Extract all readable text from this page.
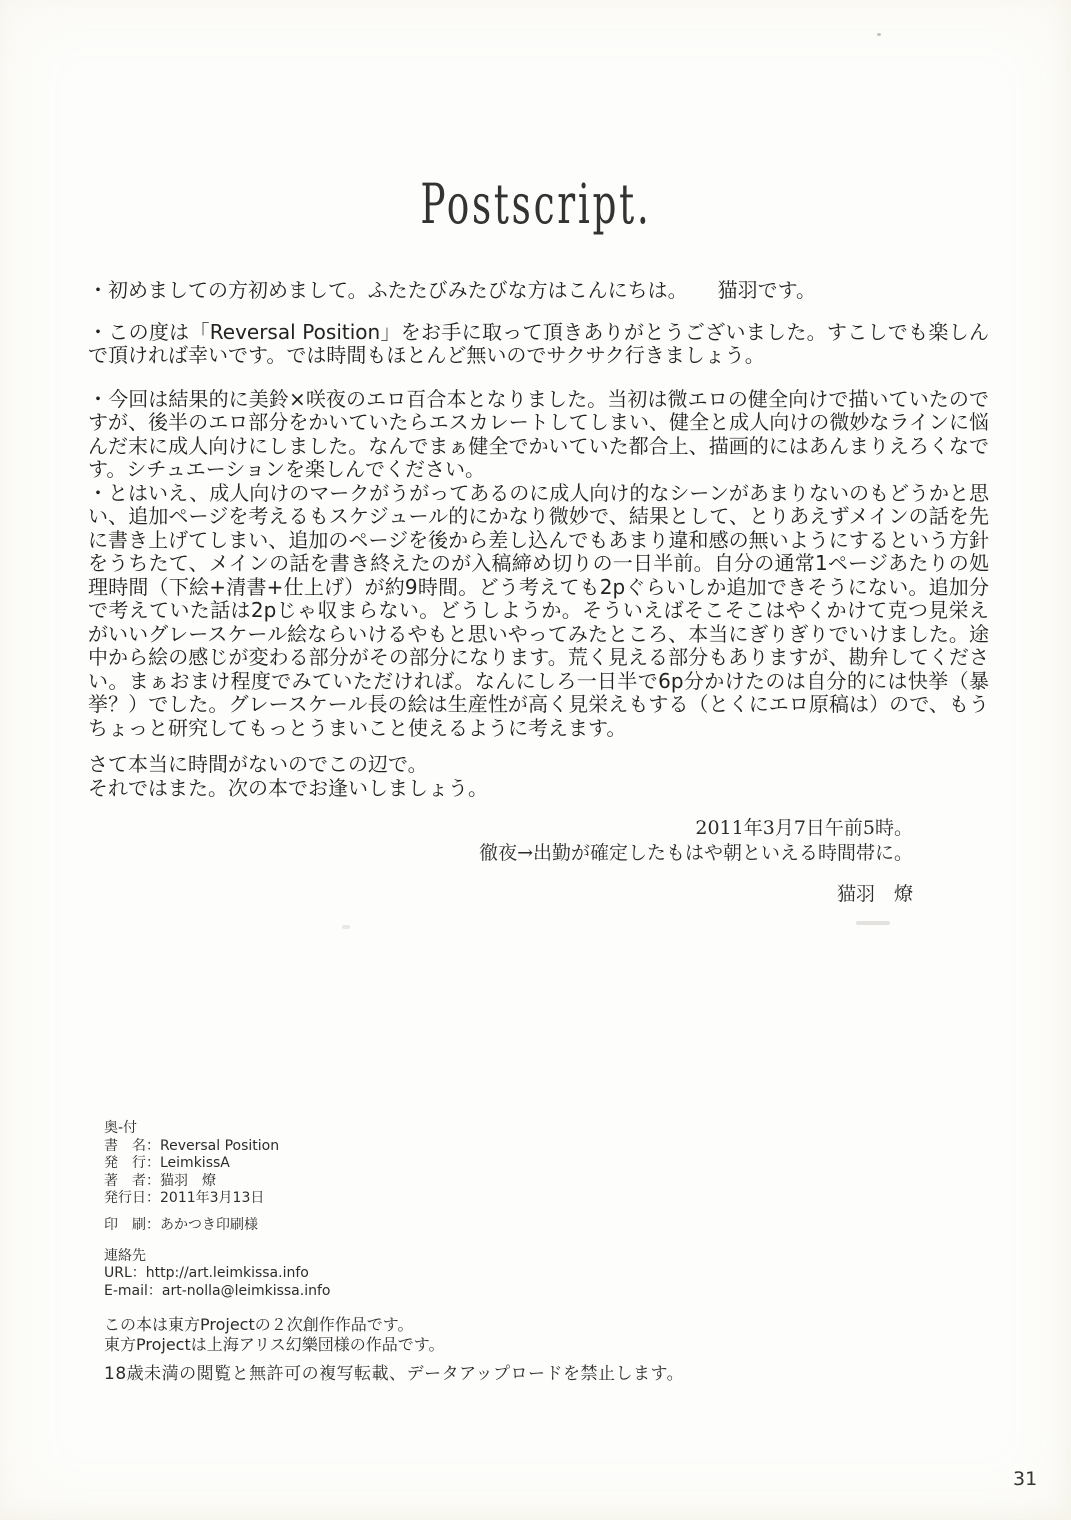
Postscript.

・初めましての方初めまして。ふたたびみたびな方はこんにちは。　　猫羽です。

・この度は「Reversal Position」をお手に取って頂きありがとうございました。すこしでも楽しんで頂ければ幸いです。では時間もほとんど無いのでサクサク行きましょう。

・今回は結果的に美鈴×咲夜のエロ百合本となりました。当初は微エロの健全向けで描いていたのですが、後半のエロ部分をかいていたらエスカレートしてしまい、健全と成人向けの微妙なラインに悩んだ末に成人向けにしました。なんでまぁ健全でかいていた都合上、描画的にはあんまりえろくなです。シチュエーションを楽しんでください。

・とはいえ、成人向けのマークがうがってあるのに成人向け的なシーンがあまりないのもどうかと思い、追加ページを考えるもスケジュール的にかなり微妙で、結果として、とりあえずメインの話を先に書き上げてしまい、追加のページを後から差し込んでもあまり違和感の無いようにするという方針をうちたて、メインの話を書き終えたのが入稿締め切りの一日半前。自分の通常1ページあたりの処理時間（下絵+清書+仕上げ）が約9時間。どう考えても2pぐらいしか追加できそうにない。追加分で考えていた話は2pじゃ収まらない。どうしようか。そういえばそこそこはやくかけて克つ見栄えがいいグレースケール絵ならいけるやもと思いやってみたところ、本当にぎりぎりでいけました。途中から絵の感じが変わる部分がその部分になります。荒く見える部分もありますが、勘弁してください。まぁおまけ程度でみていただければ。なんにしろ一日半で6p分かけたのは自分的には快挙（暴挙？）でした。グレースケール長の絵は生産性が高く見栄えもする（とくにエロ原稿は）ので、もうちょっと研究してもっとうまいこと使えるように考えます。

さて本当に時間がないのでこの辺で。

それではまた。次の本でお逢いしましょう。

2011年3月7日午前5時。
徹夜→出勤が確定したもはや朝といえる時間帯に。
猫羽　燎
奥-付
書　名：Reversal Position
発　行：LeimkissA
著　者：猫羽　燎
発行日：2011年3月13日
印　刷：あかつき印刷様
連絡先
URL：http://art.leimkissa.info
E-mail：art-nolla@leimkissa.info
この本は東方Projectの２次創作作品です。
東方Projectは上海アリス幻樂団様の作品です。
18歳未満の閲覧と無許可の複写転載、データアップロードを禁止します。
31
